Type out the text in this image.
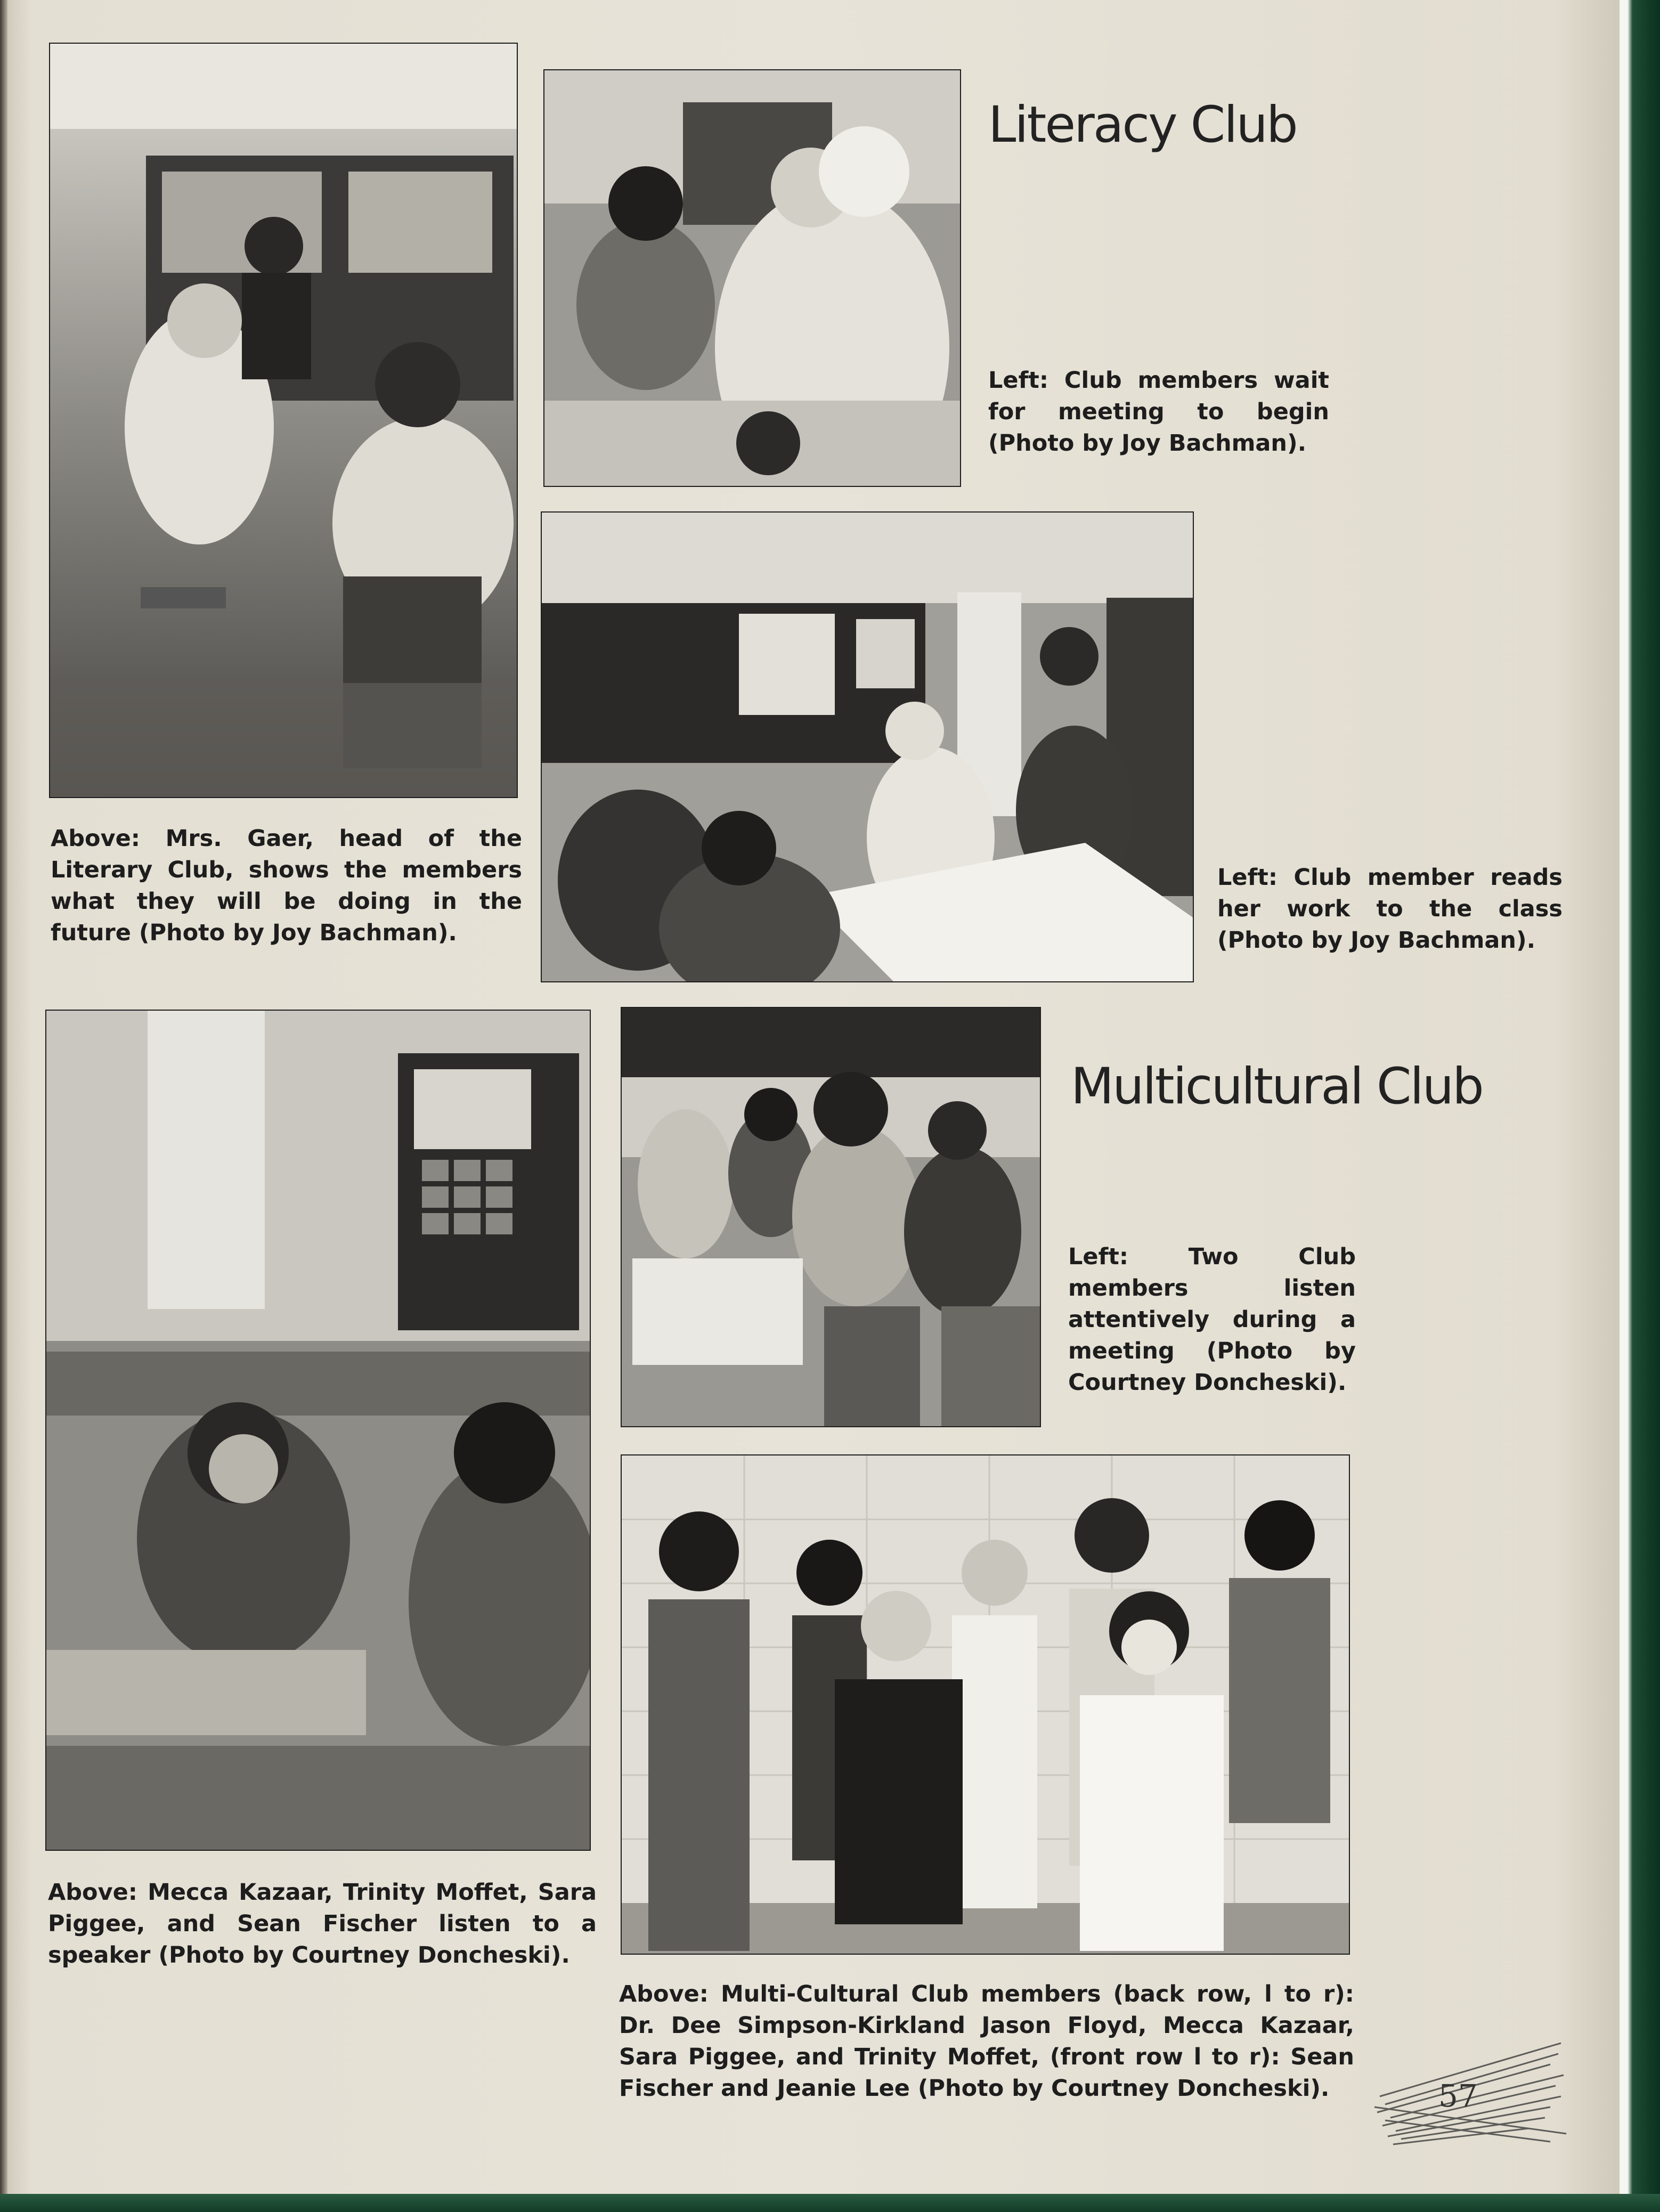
Literacy Club

Left: Club members wait for meeting to begin (Photo by Joy Bachman).

Above: Mrs. Gaer, head of the Literary Club, shows the members what they will be doing in the future (Photo by Joy Bachman).

Left: Club member reads her work to the class (Photo by Joy Bachman).

Multicultural Club

Left: Two Club members listen attentively during a meeting (Photo by Courtney Doncheski).

Above: Mecca Kazaar, Trinity Moffet, Sara Piggee, and Sean Fischer listen to a speaker (Photo by Courtney Doncheski).

Above: Multi-Cultural Club members (back row, l to r): Dr. Dee Simpson-Kirkland Jason Floyd, Mecca Kazaar, Sara Piggee, and Trinity Moffet, (front row l to r): Sean Fischer and Jeanie Lee (Photo by Courtney Doncheski).	57
